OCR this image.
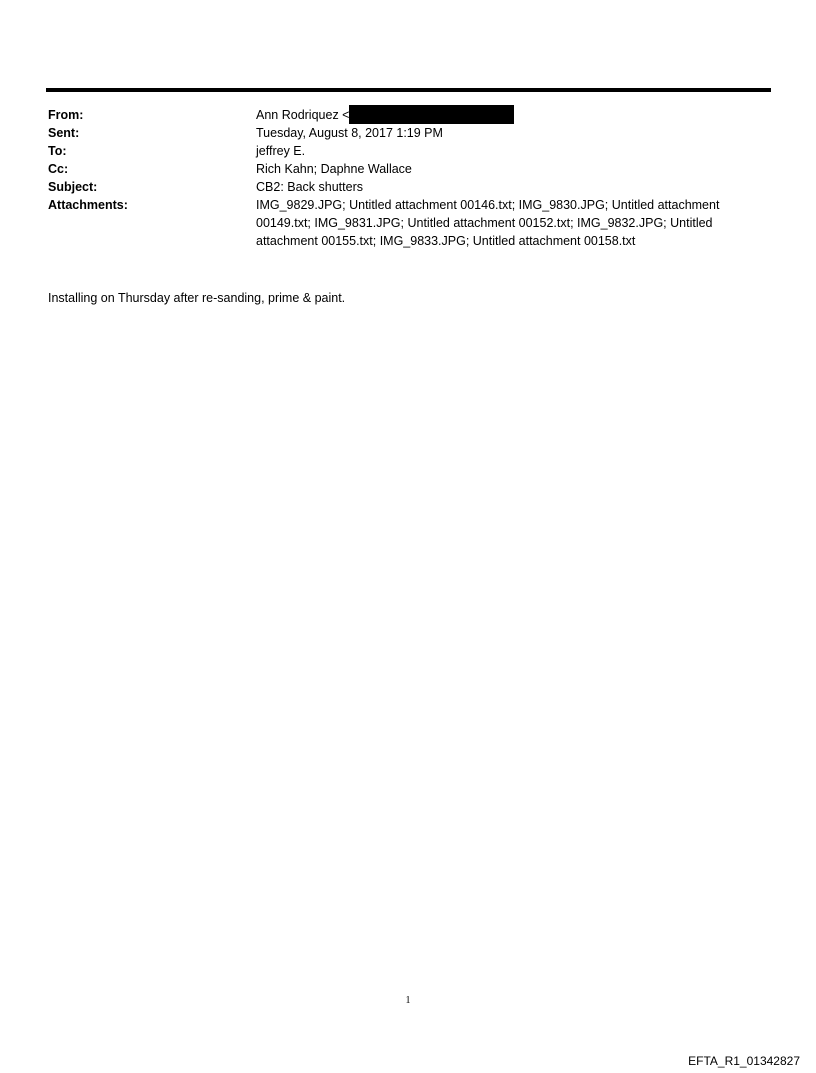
From:	Ann Rodriquez <
Sent:	Tuesday, August 8, 2017 1:19 PM
To:	jeffrey E.
Cc:	Rich Kahn; Daphne Wallace
Subject:	CB2: Back shutters
Attachments:	IMG_9829.JPG; Untitled attachment 00146.txt; IMG_9830.JPG; Untitled attachment 00149.txt; IMG_9831.JPG; Untitled attachment 00152.txt; IMG_9832.JPG; Untitled attachment 00155.txt; IMG_9833.JPG; Untitled attachment 00158.txt
Installing on Thursday after re-sanding, prime & paint.
1
EFTA_R1_01342827
